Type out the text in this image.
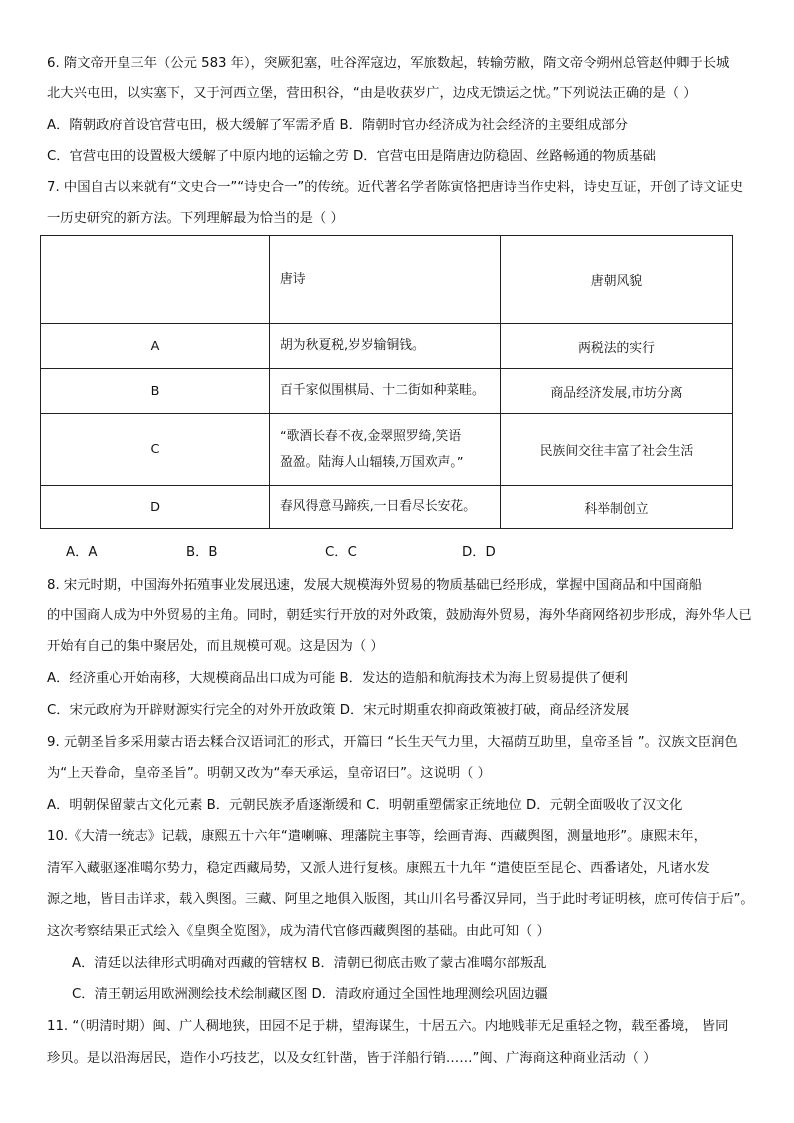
6. 隋文帝开皇三年（公元 583 年），突厥犯塞，吐谷浑寇边，军旅数起，转输劳敝，隋文帝令朔州总管赵仲卿于长城
北大兴屯田，以实塞下，又于河西立堡，营田积谷，“由是收获岁广，边戍无馈运之忧。”下列说法正确的是（ ）
A．隋朝政府首设官营屯田，极大缓解了军需矛盾 B．隋朝时官办经济成为社会经济的主要组成部分
C．官营屯田的设置极大缓解了中原内地的运输之劳 D．官营屯田是隋唐边防稳固、丝路畅通的物质基础
7. 中国自古以来就有“文史合一”“诗史合一”的传统。近代著名学者陈寅恪把唐诗当作史料，诗史互证，开创了诗文证史
一历史研究的新方法。下列理解最为恰当的是（ ）
	唐诗	唐朝风貌
A	胡为秋夏税,岁岁输铜钱。	两税法的实行
B	百千家似围棋局、十二街如种菜畦。	商品经济发展,市坊分离
C	“歌酒长春不夜,金翠照罗绮,笑语
盈盈。陆海人山辐辏,万国欢声。”	民族间交往丰富了社会生活
D	春风得意马蹄疾,一日看尽长安花。	科举制创立
A．A	B．B	C．C	D．D
8. 宋元时期，中国海外拓殖事业发展迅速，发展大规模海外贸易的物质基础已经形成，掌握中国商品和中国商船
的中国商人成为中外贸易的主角。同时，朝廷实行开放的对外政策，鼓励海外贸易，海外华商网络初步形成，海外华人已
开始有自己的集中聚居处，而且规模可观。这是因为（ ）
A．经济重心开始南移，大规模商品出口成为可能 B．发达的造船和航海技术为海上贸易提供了便利
C．宋元政府为开辟财源实行完全的对外开放政策 D．宋元时期重农抑商政策被打破，商品经济发展
9. 元朝圣旨多采用蒙古语去糅合汉语词汇的形式，开篇曰 “长生天气力里，大福荫互助里，皇帝圣旨 ”。汉族文臣润色
为“上天眷命，皇帝圣旨”。明朝又改为“奉天承运，皇帝诏曰”。这说明（ ）
A．明朝保留蒙古文化元素 B．元朝民族矛盾逐渐缓和 C．明朝重塑儒家正统地位 D．元朝全面吸收了汉文化
10.《大清一统志》记载，康熙五十六年“遣喇嘛、理藩院主事等，绘画青海、西藏舆图，测量地形”。康熙末年，
清军入藏驱逐准噶尔势力，稳定西藏局势，又派人进行复核。康熙五十九年 “遣使臣至昆仑、西番诸处，凡诸水发
源之地，皆目击详求，载入舆图。三藏、阿里之地俱入版图，其山川名号番汉异同，当于此时考证明核，庶可传信于后”。
这次考察结果正式绘入《皇舆全览图》，成为清代官修西藏舆图的基础。由此可知（ ）
A．清廷以法律形式明确对西藏的管辖权 B．清朝已彻底击败了蒙古准噶尔部叛乱
C．清王朝运用欧洲测绘技术绘制藏区图 D．清政府通过全国性地理测绘巩固边疆
11. “（明清时期）闽、广人稠地狭，田园不足于耕，望海谋生，十居五六。内地贱菲无足重轻之物，载至番境， 皆同
珍贝。是以沿海居民，造作小巧技艺，以及女红针凿，皆于洋船行销……”闽、广海商这种商业活动（ ）
